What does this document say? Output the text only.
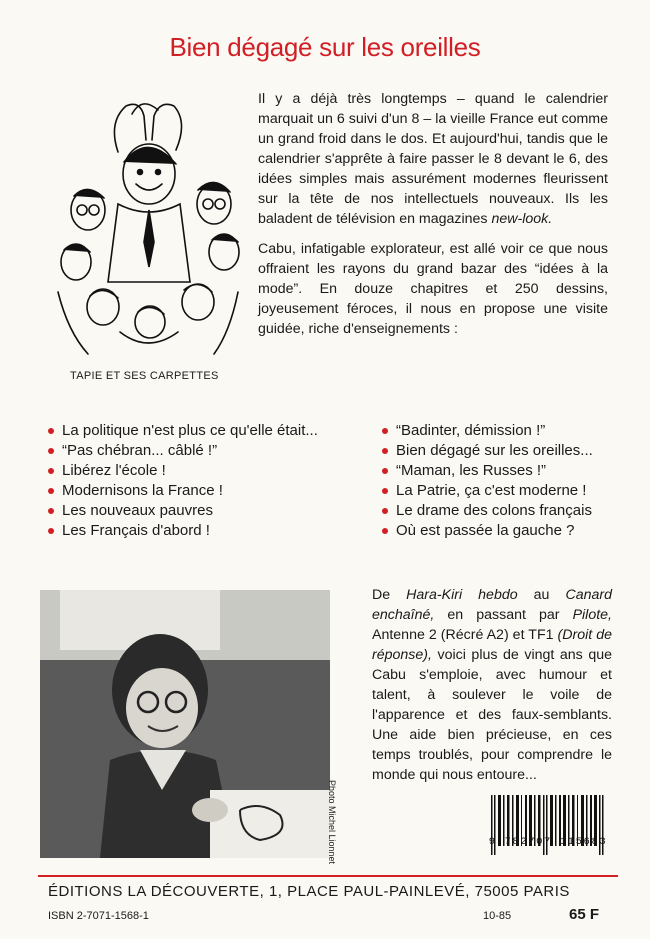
Bien dégagé sur les oreilles
TAPIE ET SES CARPETTES

Il y a déjà très longtemps – quand le calendrier marquait un 6 suivi d'un 8 – la vieille France eut comme un grand froid dans le dos. Et aujourd'hui, tandis que le calendrier s'apprête à faire passer le 8 devant le 6, des idées simples mais assurément modernes fleurissent sur la tête de nos intellectuels nouveaux. Ils les baladent de télévision en magazines new-look.

Cabu, infatigable explorateur, est allé voir ce que nous offraient les rayons du grand bazar des “idées à la mode”. En douze chapitres et 250 dessins, joyeusement féroces, il nous en propose une visite guidée, riche d'enseignements :

La politique n'est plus ce qu'elle était...
“Pas chébran... câblé !”
Libérez l'école !
Modernisons la France !
Les nouveaux pauvres
Les Français d'abord !
“Badinter, démission !”
Bien dégagé sur les oreilles...
“Maman, les Russes !”
La Patrie, ça c'est moderne !
Le drame des colons français
Où est passée la gauche ?
Photo Michel Lionnet

De Hara-Kiri hebdo au Canard enchaîné, en passant par Pilote, Antenne 2 (Récré A2) et TF1 (Droit de réponse), voici plus de vingt ans que Cabu s'emploie, avec humour et talent, à soulever le voile de l'apparence et des faux-semblants. Une aide bien précieuse, en ces temps troublés, pour comprendre le monde qui nous entoure...

9 782707 115683
ÉDITIONS LA DÉCOUVERTE, 1, PLACE PAUL-PAINLEVÉ, 75005 PARIS
ISBN 2-7071-1568-1	10-85	65 F
